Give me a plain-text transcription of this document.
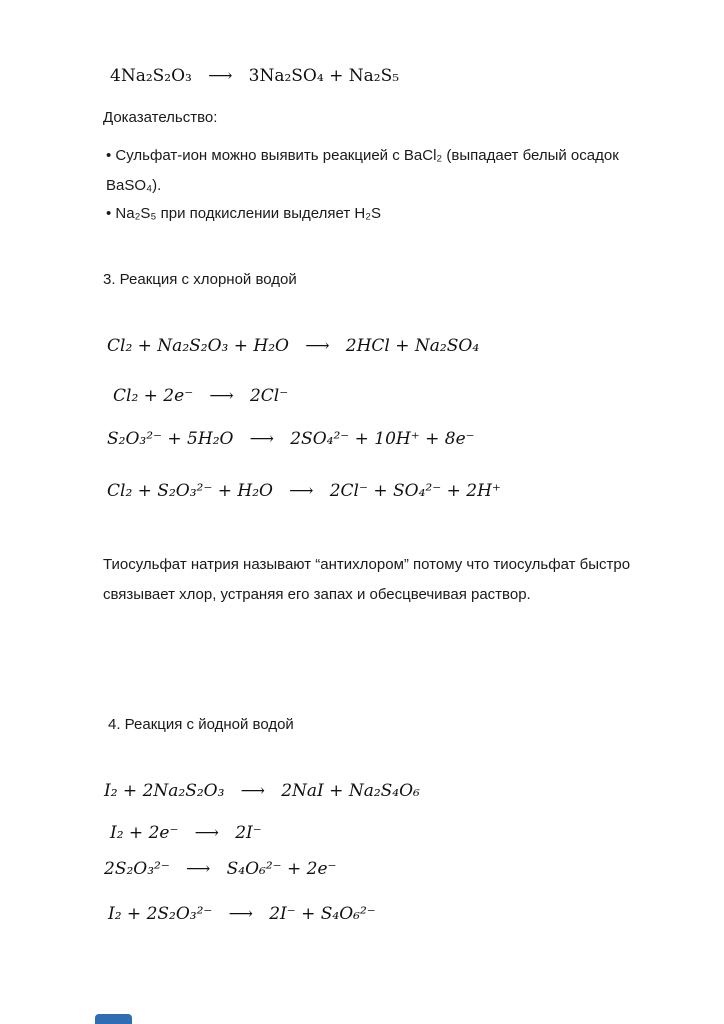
4Na₂S₂O₃   ⟶   3Na₂SO₄ + Na₂S₅
Доказательство:
• Сульфат-ион можно выявить реакцией с BaCl₂ (выпадает белый осадок BaSO₄).
• Na₂S₅ при подкислении выделяет H₂S
3. Реакция с хлорной водой
Cl₂ + Na₂S₂O₃ + H₂O   ⟶   2HCl + Na₂SO₄
Cl₂ + 2e⁻   ⟶   2Cl⁻
S₂O₃²⁻ + 5H₂O   ⟶   2SO₄²⁻ + 10H⁺ + 8e⁻
Cl₂ + S₂O₃²⁻ + H₂O   ⟶   2Cl⁻ + SO₄²⁻ + 2H⁺
Тиосульфат натрия называют “антихлором” потому что тиосульфат быстро связывает хлор, устраняя его запах и обесцвечивая раствор.
4. Реакция с йодной водой
I₂ + 2Na₂S₂O₃   ⟶   2NaI + Na₂S₄O₆
I₂ + 2e⁻   ⟶   2I⁻
2S₂O₃²⁻   ⟶   S₄O₆²⁻ + 2e⁻
I₂ + 2S₂O₃²⁻   ⟶   2I⁻ + S₄O₆²⁻
